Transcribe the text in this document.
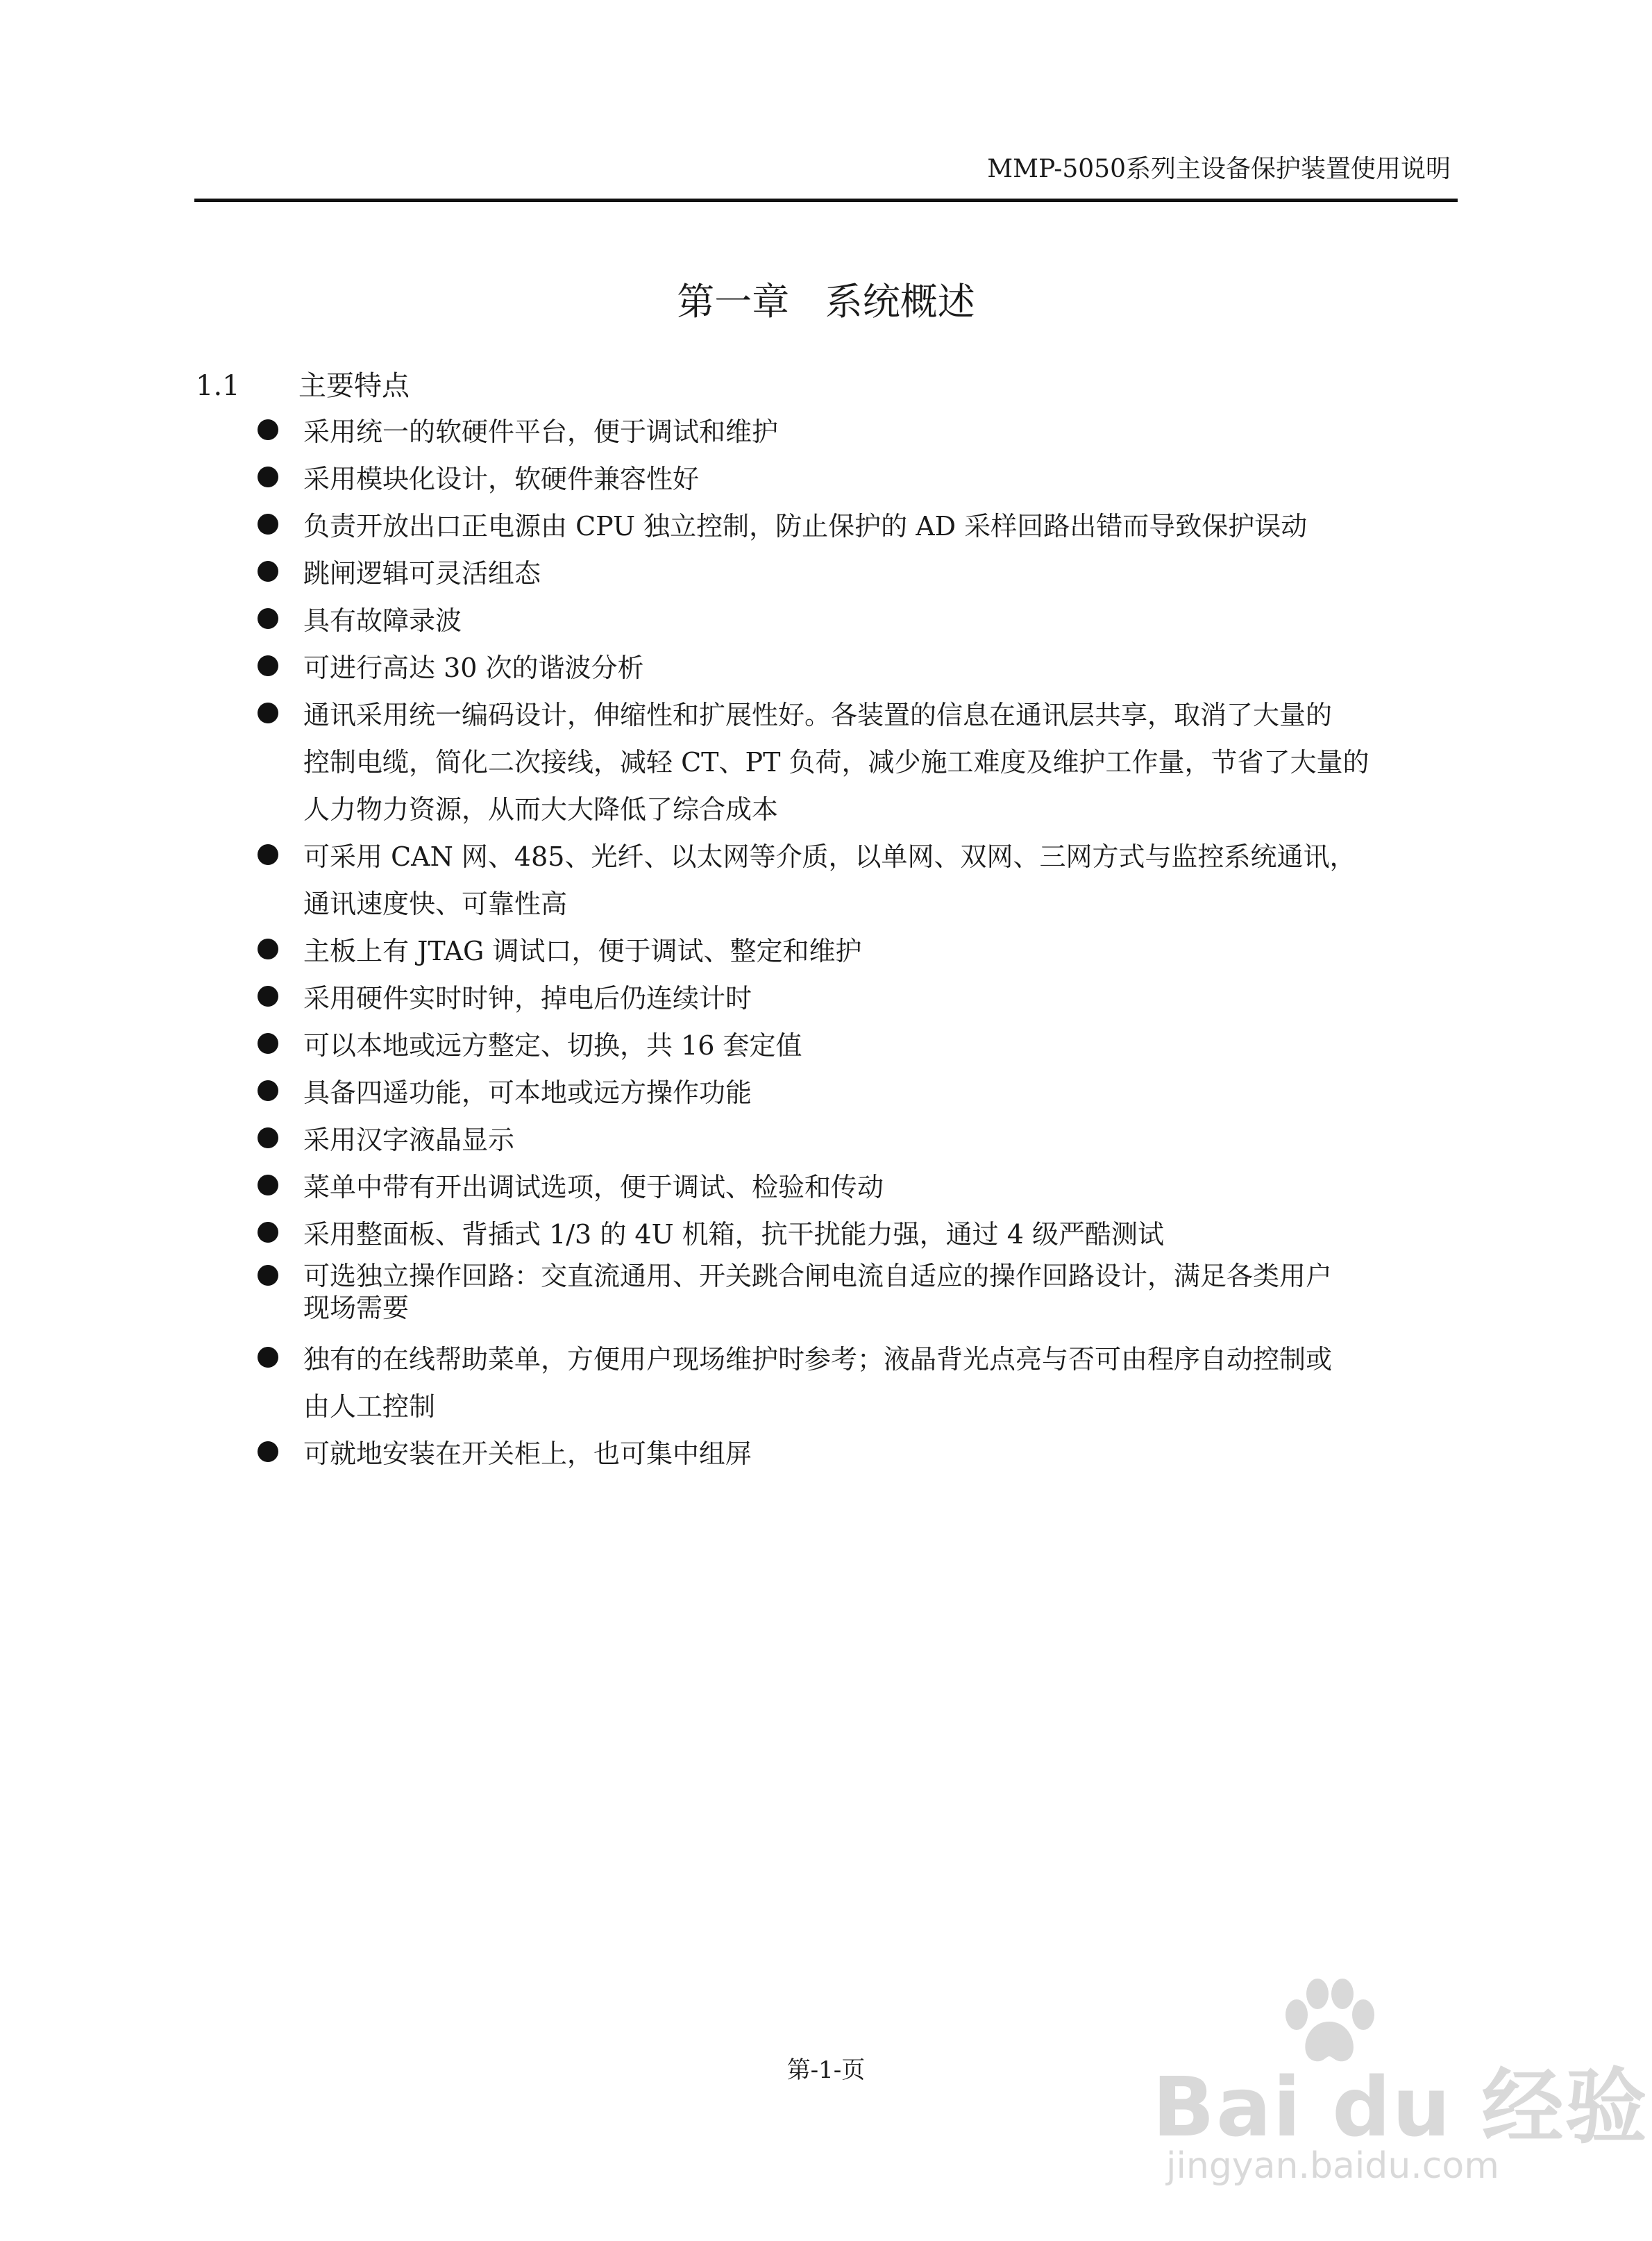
MMP-5050系列主设备保护装置使用说明
第一章   系统概述
1.1 主要特点
采用统一的软硬件平台，便于调试和维护
采用模块化设计，软硬件兼容性好
负责开放出口正电源由 CPU 独立控制，防止保护的 AD 采样回路出错而导致保护误动
跳闸逻辑可灵活组态
具有故障录波
可进行高达 30 次的谐波分析
通讯采用统一编码设计，伸缩性和扩展性好。各装置的信息在通讯层共享，取消了大量的
控制电缆，简化二次接线，减轻 CT、PT 负荷，减少施工难度及维护工作量，节省了大量的
人力物力资源，从而大大降低了综合成本
可采用 CAN 网、485、光纤、以太网等介质，以单网、双网、三网方式与监控系统通讯，
通讯速度快、可靠性高
主板上有 JTAG 调试口，便于调试、整定和维护
采用硬件实时时钟，掉电后仍连续计时
可以本地或远方整定、切换，共 16 套定值
具备四遥功能，可本地或远方操作功能
采用汉字液晶显示
菜单中带有开出调试选项，便于调试、检验和传动
采用整面板、背插式 1/3 的 4U 机箱，抗干扰能力强，通过 4 级严酷测试
可选独立操作回路：交直流通用、开关跳合闸电流自适应的操作回路设计，满足各类用户
现场需要
独有的在线帮助菜单，方便用户现场维护时参考；液晶背光点亮与否可由程序自动控制或
由人工控制
可就地安装在开关柜上，也可集中组屏
第-1-页	Bai du 经验
jingyan.baidu.com
